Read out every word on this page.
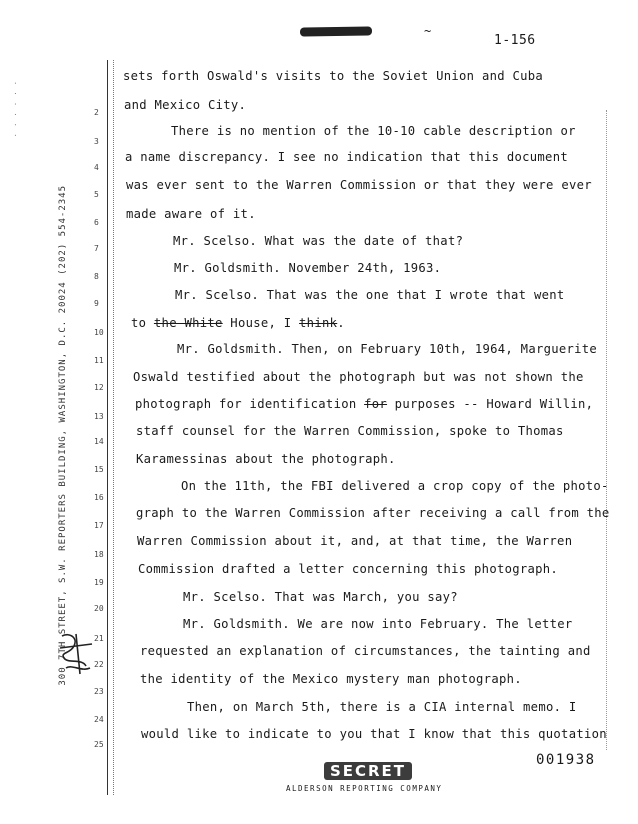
~
1-156
300 7TH STREET, S.W. REPORTERS BUILDING, WASHINGTON, D.C. 20024 (202) 554-2345
· · · · · ·	2
3
4
5
6
7
8
9
10
11
12
13
14
15
16
17
18
19
20
21
22
23
24
25
sets forth Oswald's visits to the Soviet Union and Cuba
and Mexico City.
There is no mention of the 10-10 cable description or
a name discrepancy. I see no indication that this document
was ever sent to the Warren Commission or that they were ever
made aware of it.
Mr. Scelso. What was the date of that?
Mr. Goldsmith. November 24th, 1963.
Mr. Scelso. That was the one that I wrote that went
to the White House, I think.
Mr. Goldsmith. Then, on February 10th, 1964, Marguerite
Oswald testified about the photograph but was not shown the
photograph for identification for purposes -- Howard Willin,
staff counsel for the Warren Commission, spoke to Thomas
Karamessinas about the photograph.
On the 11th, the FBI delivered a crop copy of the photo-
graph to the Warren Commission after receiving a call from the
Warren Commission about it, and, at that time, the Warren
Commission drafted a letter concerning this photograph.
Mr. Scelso. That was March, you say?
Mr. Goldsmith. We are now into February. The letter
requested an explanation of circumstances, the tainting and
the identity of the Mexico mystery man photograph.
Then, on March 5th, there is a CIA internal memo. I
would like to indicate to you that I know that this quotation
SECRET
001938
ALDERSON REPORTING COMPANY
